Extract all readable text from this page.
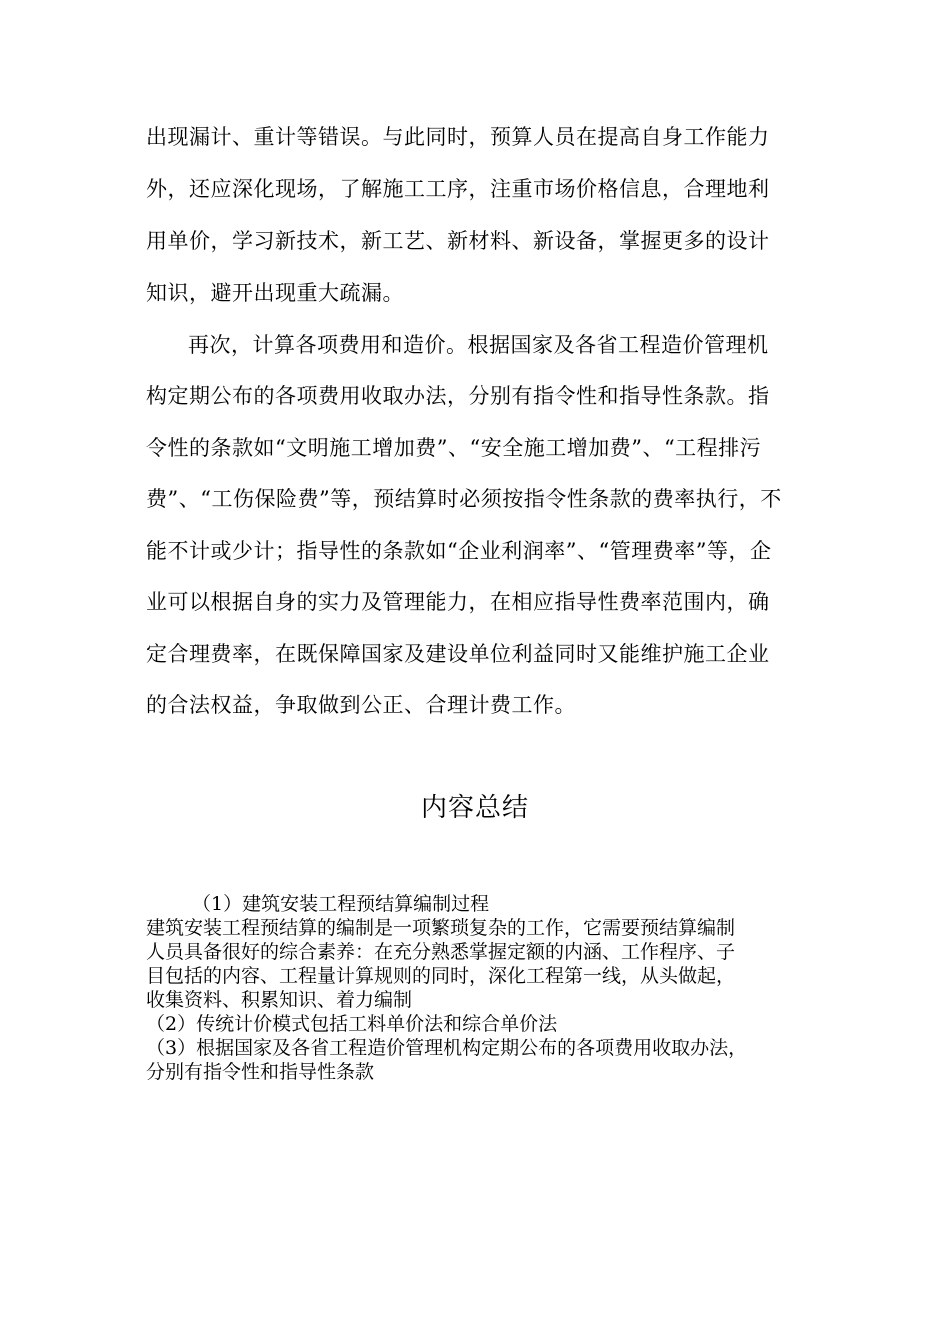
出现漏计、重计等错误。与此同时，预算人员在提高自身工作能力
外，还应深化现场，了解施工工序，注重市场价格信息，合理地利
用单价，学习新技术，新工艺、新材料、新设备，掌握更多的设计
知识，避开出现重大疏漏。
再次，计算各项费用和造价。根据国家及各省工程造价管理机
构定期公布的各项费用收取办法，分别有指令性和指导性条款。指
令性的条款如“文明施工增加费”、“安全施工增加费”、“工程排污
费”、“工伤保险费”等，预结算时必须按指令性条款的费率执行，不
能不计或少计；指导性的条款如“企业利润率”、“管理费率”等，企
业可以根据自身的实力及管理能力，在相应指导性费率范围内，确
定合理费率，在既保障国家及建设单位利益同时又能维护施工企业
的合法权益，争取做到公正、合理计费工作。
内容总结
（1）建筑安装工程预结算编制过程
建筑安装工程预结算的编制是一项繁琐复杂的工作，它需要预结算编制
人员具备很好的综合素养：在充分熟悉掌握定额的内涵、工作程序、子
目包括的内容、工程量计算规则的同时，深化工程第一线，从头做起，
收集资料、积累知识、着力编制
（2）传统计价模式包括工料单价法和综合单价法
（3）根据国家及各省工程造价管理机构定期公布的各项费用收取办法，
分别有指令性和指导性条款
